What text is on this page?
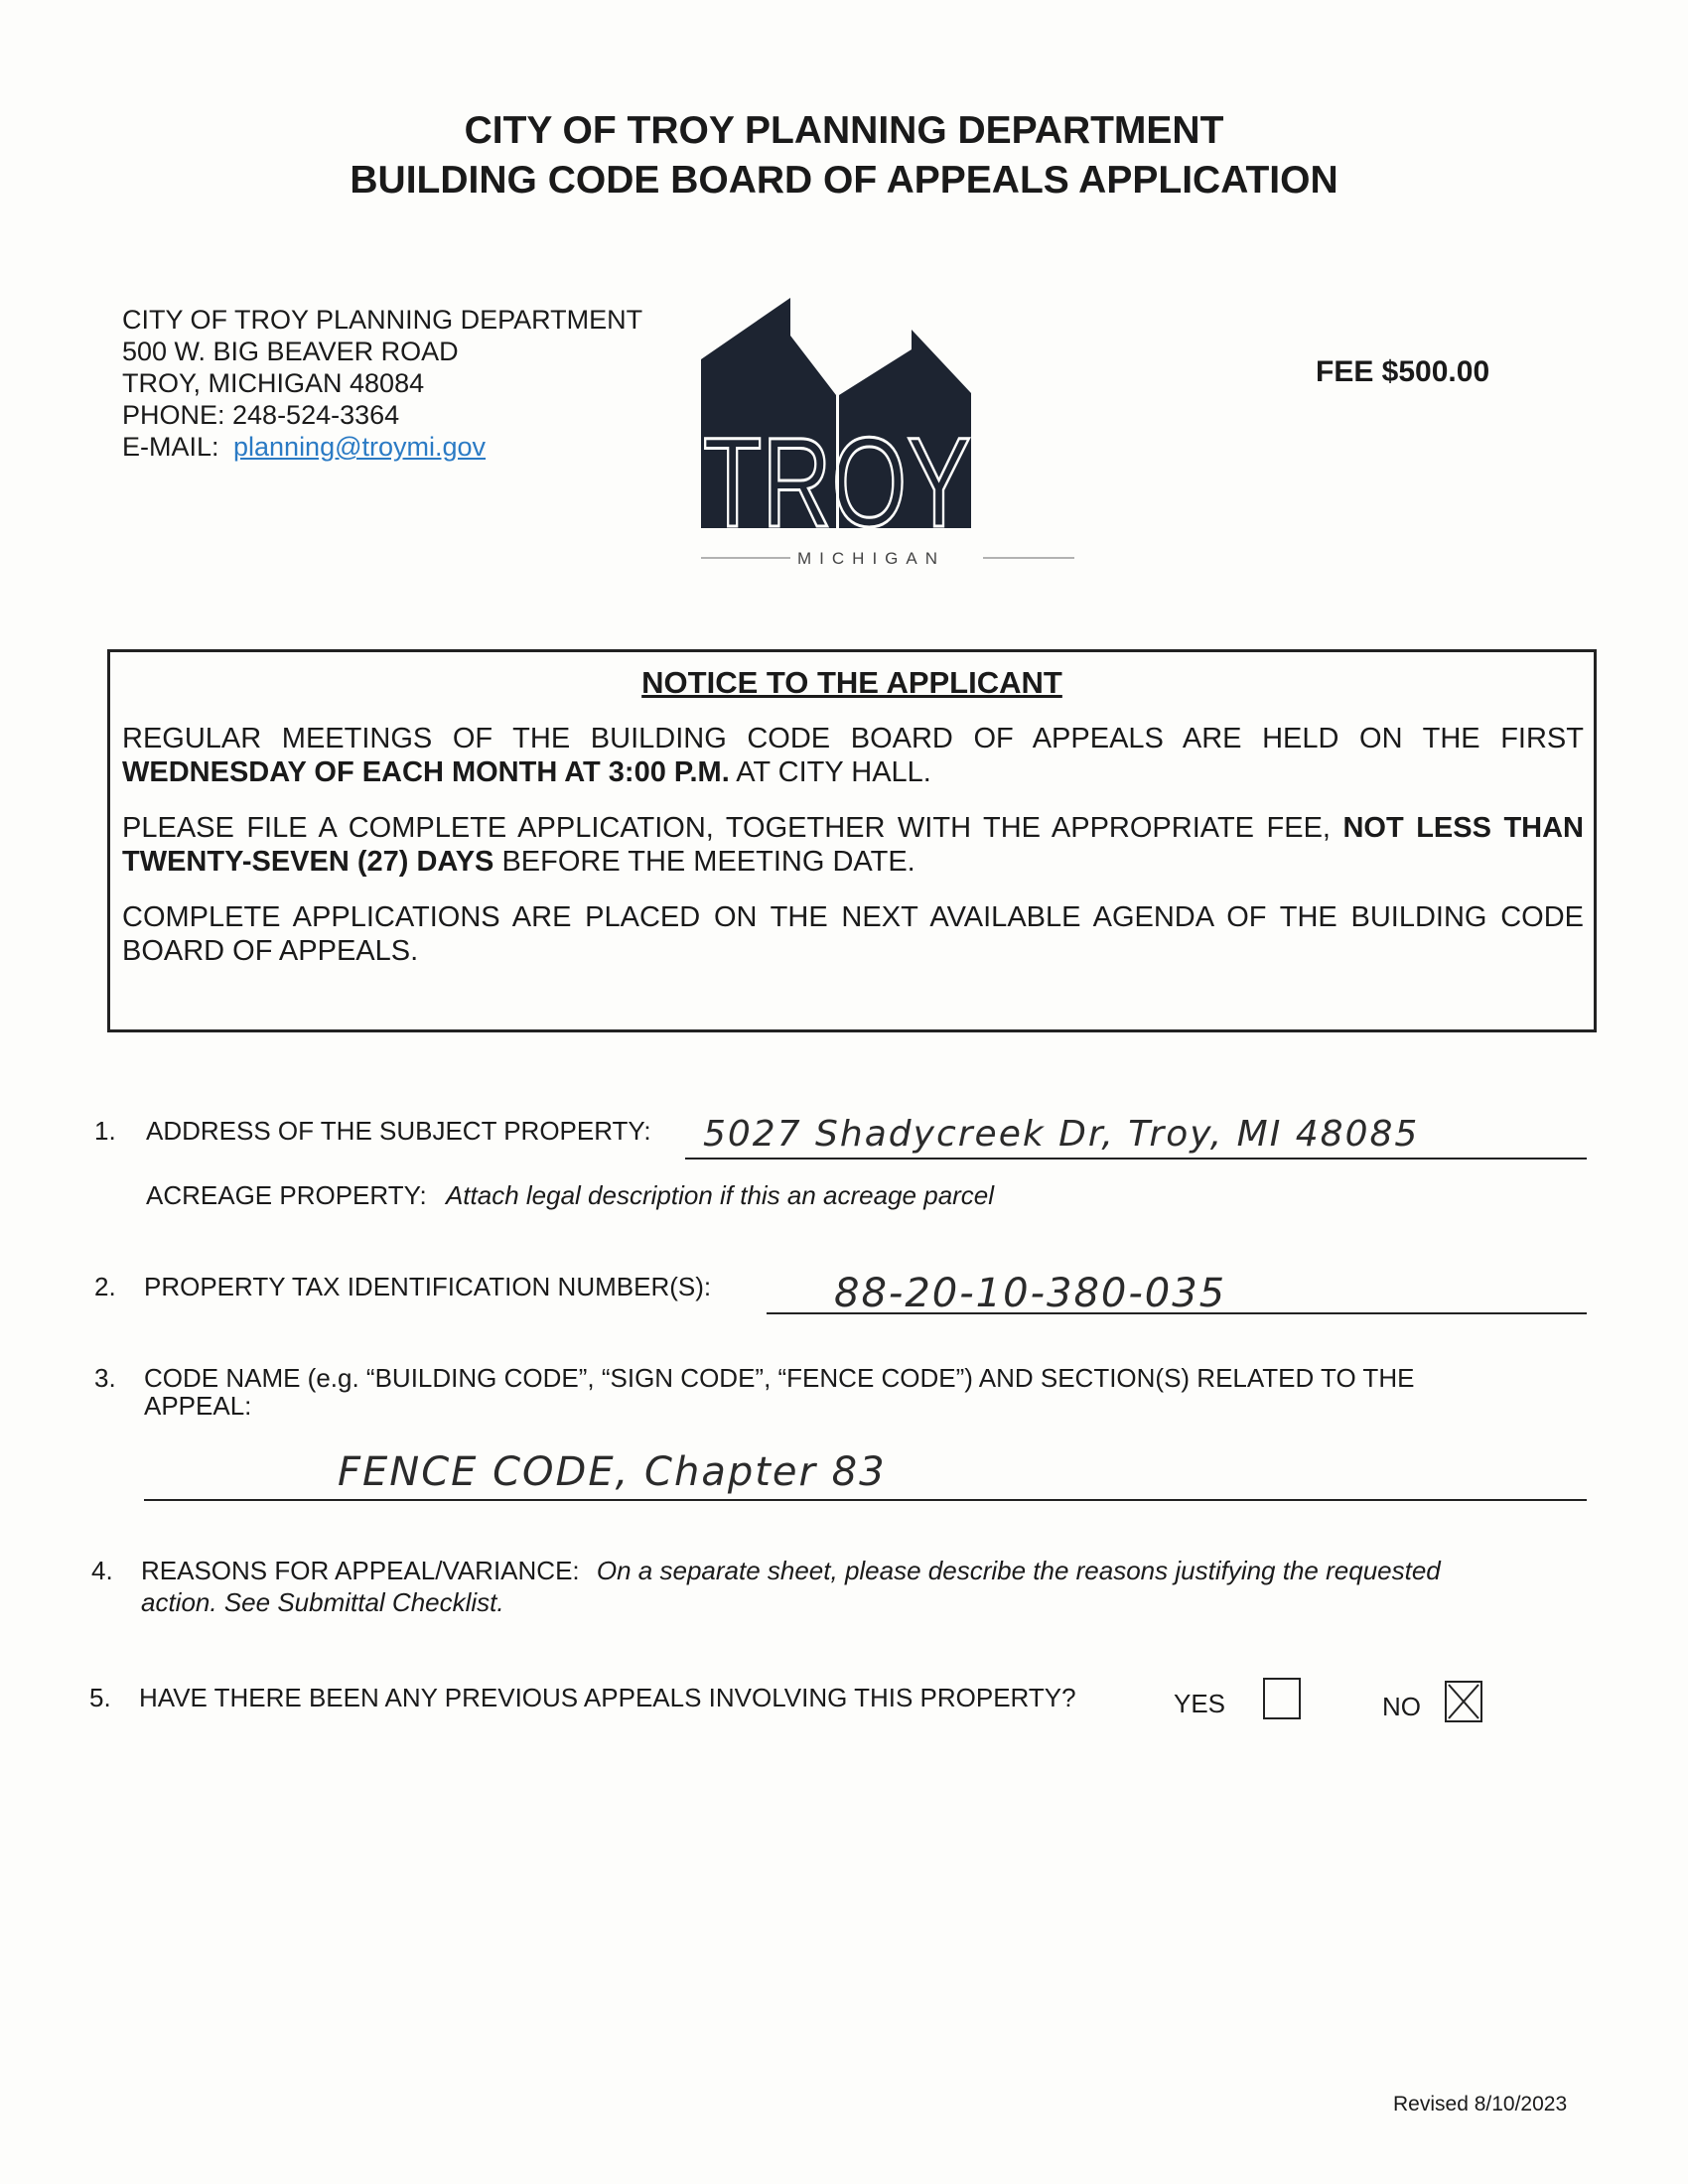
CITY OF TROY PLANNING DEPARTMENT
BUILDING CODE BOARD OF APPEALS APPLICATION
CITY OF TROY PLANNING DEPARTMENT
500 W. BIG BEAVER ROAD
TROY, MICHIGAN 48084
PHONE: 248-524-3364
E-MAIL: planning@troymi.gov	TROY
MICHIGAN
FEE $500.00
NOTICE TO THE APPLICANT

REGULAR MEETINGS OF THE BUILDING CODE BOARD OF APPEALS ARE HELD ON THE FIRST WEDNESDAY OF EACH MONTH AT 3:00 P.M. AT CITY HALL.

PLEASE FILE A COMPLETE APPLICATION, TOGETHER WITH THE APPROPRIATE FEE, NOT LESS THAN TWENTY-SEVEN (27) DAYS BEFORE THE MEETING DATE.

COMPLETE APPLICATIONS ARE PLACED ON THE NEXT AVAILABLE AGENDA OF THE BUILDING CODE BOARD OF APPEALS.

1. ADDRESS OF THE SUBJECT PROPERTY: 5027 Shadycreek Dr, Troy, MI 48085
ACREAGE PROPERTY: Attach legal description if this an acreage parcel
2. PROPERTY TAX IDENTIFICATION NUMBER(S):	88-20-10-380-035
3. CODE NAME (e.g. “BUILDING CODE”, “SIGN CODE”, “FENCE CODE”) AND SECTION(S) RELATED TO THE
APPEAL:
FENCE CODE, Chapter 83
4. REASONS FOR APPEAL/VARIANCE: On a separate sheet, please describe the reasons justifying the requested
action. See Submittal Checklist.
5. HAVE THERE BEEN ANY PREVIOUS APPEALS INVOLVING THIS PROPERTY?	YES	NO
Revised 8/10/2023
